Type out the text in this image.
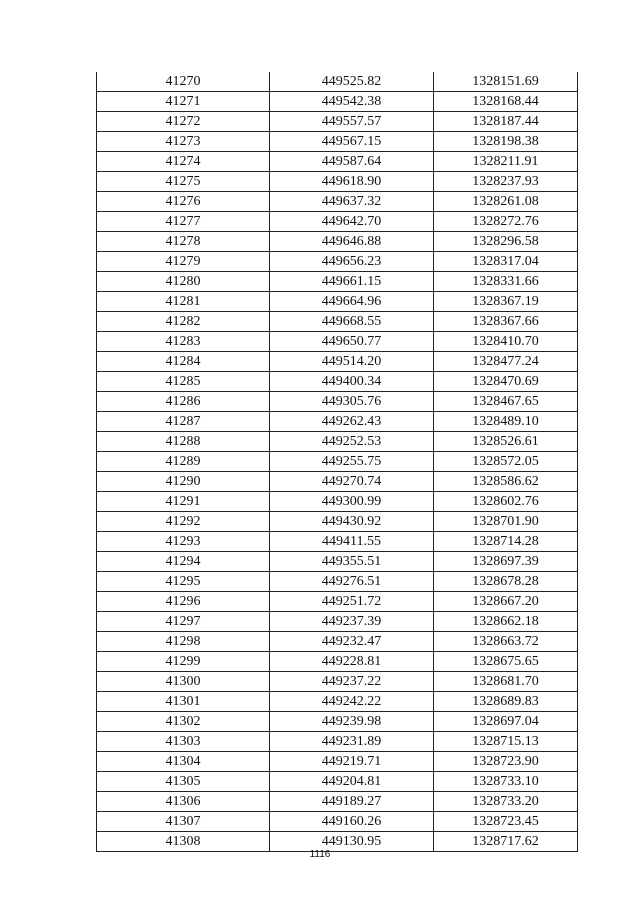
41270	449525.82	1328151.69
41271	449542.38	1328168.44
41272	449557.57	1328187.44
41273	449567.15	1328198.38
41274	449587.64	1328211.91
41275	449618.90	1328237.93
41276	449637.32	1328261.08
41277	449642.70	1328272.76
41278	449646.88	1328296.58
41279	449656.23	1328317.04
41280	449661.15	1328331.66
41281	449664.96	1328367.19
41282	449668.55	1328367.66
41283	449650.77	1328410.70
41284	449514.20	1328477.24
41285	449400.34	1328470.69
41286	449305.76	1328467.65
41287	449262.43	1328489.10
41288	449252.53	1328526.61
41289	449255.75	1328572.05
41290	449270.74	1328586.62
41291	449300.99	1328602.76
41292	449430.92	1328701.90
41293	449411.55	1328714.28
41294	449355.51	1328697.39
41295	449276.51	1328678.28
41296	449251.72	1328667.20
41297	449237.39	1328662.18
41298	449232.47	1328663.72
41299	449228.81	1328675.65
41300	449237.22	1328681.70
41301	449242.22	1328689.83
41302	449239.98	1328697.04
41303	449231.89	1328715.13
41304	449219.71	1328723.90
41305	449204.81	1328733.10
41306	449189.27	1328733.20
41307	449160.26	1328723.45
41308	449130.95	1328717.62
1116
